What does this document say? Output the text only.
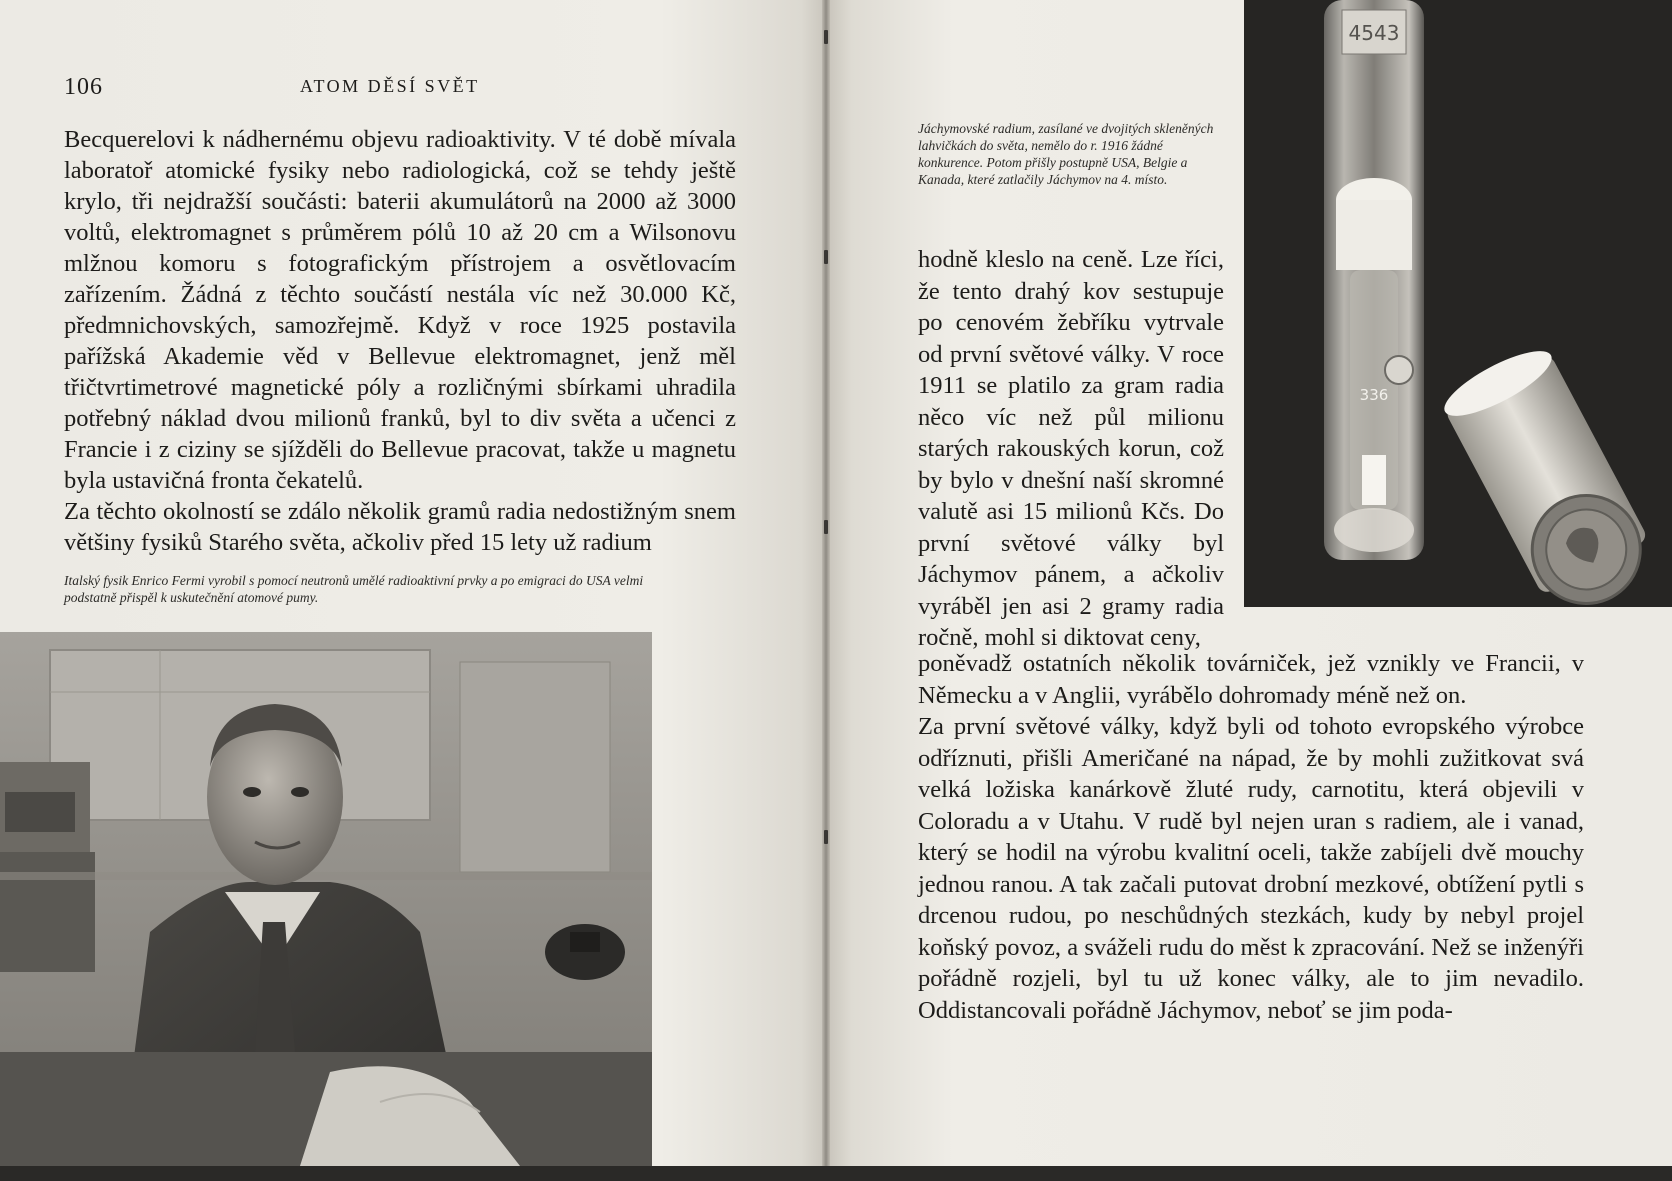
106	ATOM DĚSÍ SVĚT

Becquerelovi k nádhernému objevu radioaktivity. V té době mívala laboratoř atomické fysiky nebo radiologická, což se tehdy ještě krylo, tři nejdražší součásti: baterii akumulátorů na 2000 až 3000 voltů, elektromagnet s průměrem pólů 10 až 20 cm a Wilsonovu mlžnou komoru s fotografickým přístrojem a osvětlovacím zařízením. Žádná z těchto součástí nestála víc než 30.000 Kč, předmnichovských, samozřejmě. Když v roce 1925 postavila pařížská Akademie věd v Bellevue elektromagnet, jenž měl třičtvrtimetrové magnetické póly a rozličnými sbírkami uhradila potřebný náklad dvou milionů franků, byl to div světa a učenci z Francie i z ciziny se sjížděli do Bellevue pracovat, takže u magnetu byla ustavičná fronta čekatelů.

Za těchto okolností se zdálo několik gramů radia nedostižným snem většiny fysiků Starého světa, ačkoliv před 15 lety už radium

Italský fysik Enrico Fermi vyrobil s pomocí neutronů umělé radioaktivní prvky a po emigraci do USA velmi podstatně přispěl k uskutečnění atomové pumy.
Jáchymovské radium, zasílané ve dvojitých skleněných lahvičkách do světa, nemělo do r. 1916 žádné konkurence. Potom přišly postupně USA, Belgie a Kanada, které zatlačily Jáchymov na 4. místo.
hodně kleslo na ceně. Lze říci, že tento drahý kov sestupuje po cenovém žebříku vytrvale od první světové války. V roce 1911 se platilo za gram radia něco víc než půl milionu starých rakouských korun, což by bylo v dnešní naší skromné valutě asi 15 milionů Kčs. Do první světové války byl Jáchymov pánem, a ačkoliv vyráběl jen asi 2 gramy radia ročně, mohl si diktovat ceny,

poněvadž ostatních několik továrniček, jež vznikly ve Francii, v Německu a v Anglii, vyrábělo dohromady méně než on.

Za první světové války, když byli od tohoto evropského výrobce odříznuti, přišli Američané na nápad, že by mohli zužitkovat svá velká ložiska kanárkově žluté rudy, carnotitu, která objevili v Coloradu a v Utahu. V rudě byl nejen uran s radiem, ale i vanad, který se hodil na výrobu kvalitní oceli, takže zabíjeli dvě mouchy jednou ranou. A tak začali putovat drobní mezkové, obtížení pytli s drcenou rudou, po neschůdných stezkách, kudy by nebyl projel koňský povoz, a sváželi rudu do měst k zpracování. Než se inženýři pořádně rozjeli, byl tu už konec války, ale to jim nevadilo. Oddistancovali pořádně Jáchymov, neboť se jim poda-

4543
336
